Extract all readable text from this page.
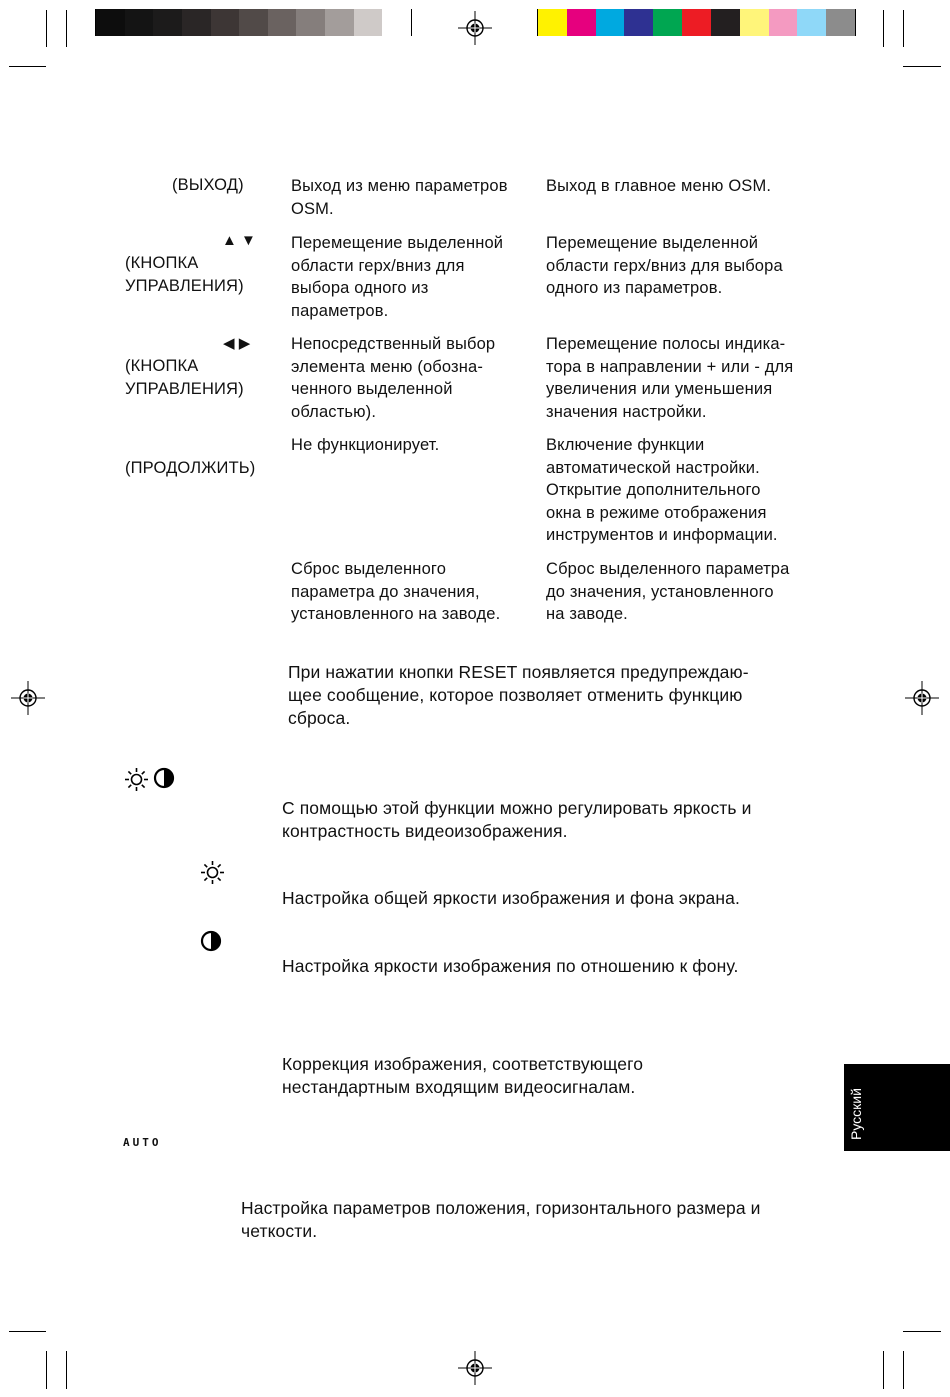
(ВЫХОД)	Выход из меню параметров
OSM.
Выход в главное меню OSM.
▲ ▼
(КНОПКА
УПРАВЛЕНИЯ)
Перемещение выделенной
области герх/вниз для
выбора одного из
параметров.
Перемещение выделенной
области герх/вниз для выбора
одного из параметров.
◀ ▶
(КНОПКА
УПРАВЛЕНИЯ)
Непосредственный выбор
элемента меню (обозна-
ченного выделенной
областью).
Перемещение полосы индика-
тора в направлении + или - для
увеличения или уменьшения
значения настройки.
(ПРОДОЛЖИТЬ)
Не функционирует.	Включение функции
автоматической настройки.
Открытие дополнительного
окна в режиме отображения
инструментов и информации.
Сброс выделенного
параметра до значения,
установленного на заводе.
Сброс выделенного параметра
до значения, установленного
на заводе.
При нажатии кнопки RESET появляется предупреждаю-
щее сообщение, которое позволяет отменить функцию
сброса.
С помощью этой функции можно регулировать яркость и
контрастность видеоизображения.
Настройка общей яркости изображения и фона экрана.
Настройка яркости изображения по отношению к фону.
Коррекция изображения, соответствующего
нестандартным входящим видеосигналам.
AUTO
Настройка параметров положения, горизонтального размера и
четкости.
Русский
